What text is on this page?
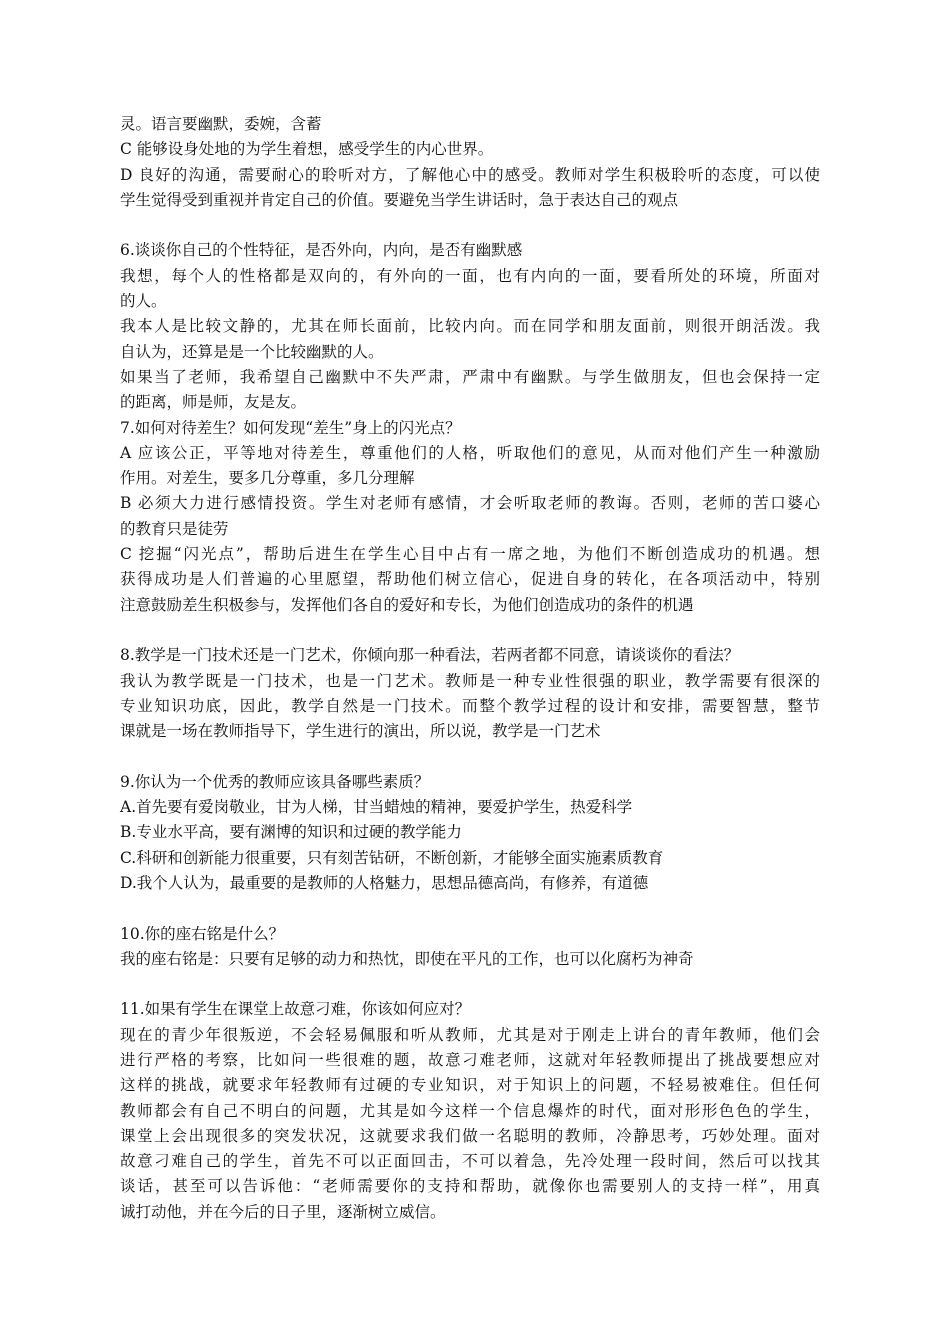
灵。语言要幽默，委婉，含蓄
C 能够设身处地的为学生着想，感受学生的内心世界。
D 良好的沟通，需要耐心的聆听对方，了解他心中的感受。教师对学生积极聆听的态度，可以使
学生觉得受到重视并肯定自己的价值。要避免当学生讲话时，急于表达自己的观点
6.谈谈你自己的个性特征，是否外向，内向，是否有幽默感
我想，每个人的性格都是双向的，有外向的一面，也有内向的一面，要看所处的环境，所面对
的人。
我本人是比较文静的，尤其在师长面前，比较内向。而在同学和朋友面前，则很开朗活泼。我
自认为，还算是是一个比较幽默的人。
如果当了老师，我希望自己幽默中不失严肃，严肃中有幽默。与学生做朋友，但也会保持一定
的距离，师是师，友是友。
7.如何对待差生？如何发现“差生”身上的闪光点？
A 应该公正，平等地对待差生，尊重他们的人格，听取他们的意见，从而对他们产生一种激励
作用。对差生，要多几分尊重，多几分理解
B 必须大力进行感情投资。学生对老师有感情，才会听取老师的教诲。否则，老师的苦口婆心
的教育只是徒劳
C 挖掘“闪光点”，帮助后进生在学生心目中占有一席之地，为他们不断创造成功的机遇。想
获得成功是人们普遍的心里愿望，帮助他们树立信心，促进自身的转化，在各项活动中，特别
注意鼓励差生积极参与，发挥他们各自的爱好和专长，为他们创造成功的条件的机遇
8.教学是一门技术还是一门艺术，你倾向那一种看法，若两者都不同意，请谈谈你的看法？
我认为教学既是一门技术，也是一门艺术。教师是一种专业性很强的职业，教学需要有很深的
专业知识功底，因此，教学自然是一门技术。而整个教学过程的设计和安排，需要智慧，整节
课就是一场在教师指导下，学生进行的演出，所以说，教学是一门艺术
9.你认为一个优秀的教师应该具备哪些素质？
A.首先要有爱岗敬业，甘为人梯，甘当蜡烛的精神，要爱护学生，热爱科学
B.专业水平高，要有渊博的知识和过硬的教学能力
C.科研和创新能力很重要，只有刻苦钻研，不断创新，才能够全面实施素质教育
D.我个人认为，最重要的是教师的人格魅力，思想品德高尚，有修养，有道德
10.你的座右铭是什么？
我的座右铭是：只要有足够的动力和热忱，即使在平凡的工作，也可以化腐朽为神奇
11.如果有学生在课堂上故意刁难，你该如何应对？
现在的青少年很叛逆，不会轻易佩服和听从教师，尤其是对于刚走上讲台的青年教师，他们会
进行严格的考察，比如问一些很难的题，故意刁难老师，这就对年轻教师提出了挑战要想应对
这样的挑战，就要求年轻教师有过硬的专业知识，对于知识上的问题，不轻易被难住。但任何
教师都会有自己不明白的问题，尤其是如今这样一个信息爆炸的时代，面对形形色色的学生，
课堂上会出现很多的突发状况，这就要求我们做一名聪明的教师，冷静思考，巧妙处理。面对
故意刁难自己的学生，首先不可以正面回击，不可以着急，先冷处理一段时间，然后可以找其
谈话，甚至可以告诉他：“老师需要你的支持和帮助，就像你也需要别人的支持一样”，用真
诚打动他，并在今后的日子里，逐渐树立威信。
